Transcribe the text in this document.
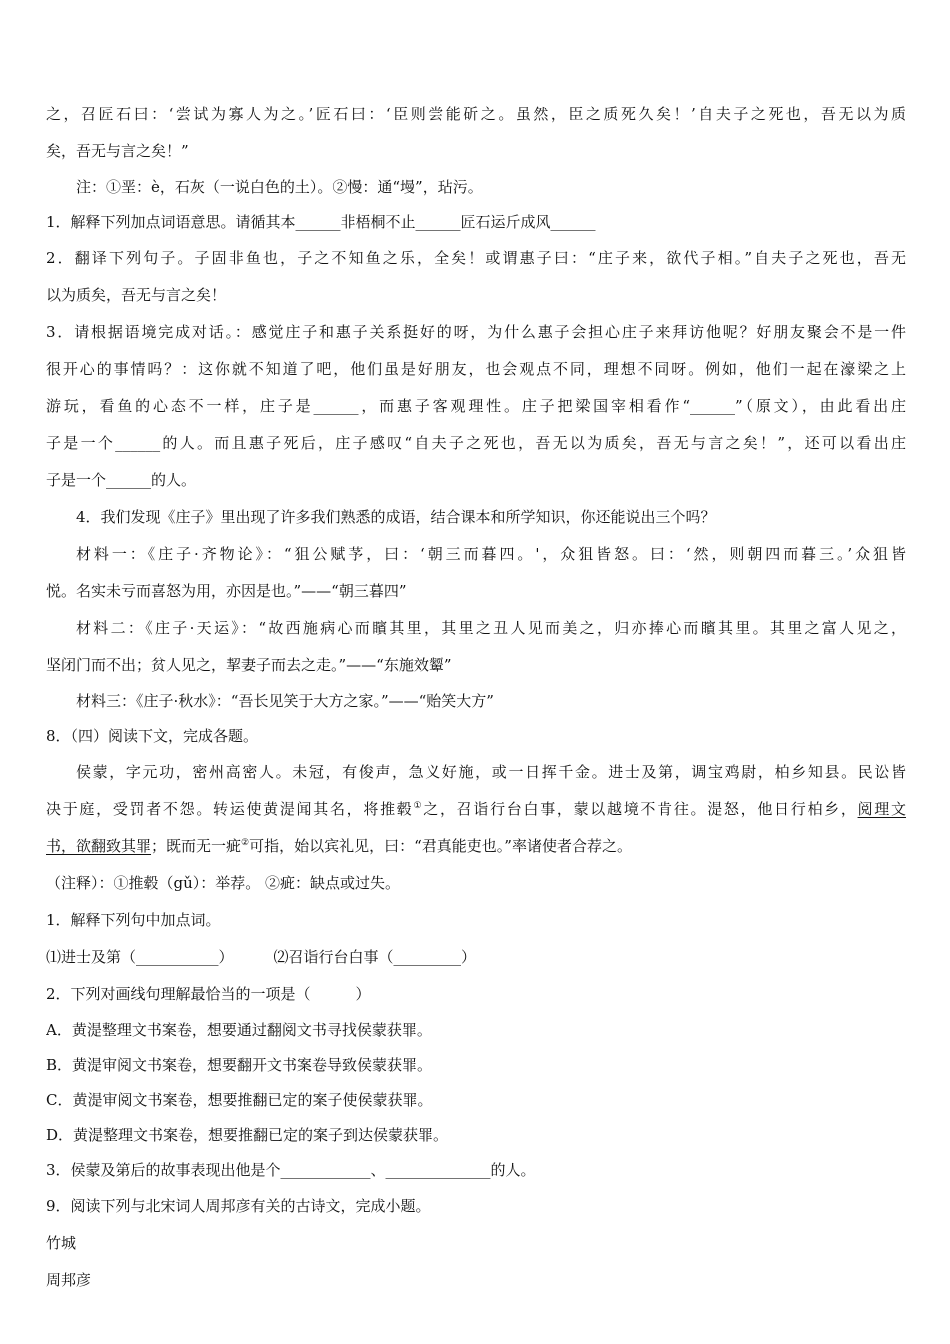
之，召匠石曰：‘尝试为寡人为之。’匠石曰：‘臣则尝能斫之。虽然，臣之质死久矣！’自夫子之死也，吾无以为质
矣，吾无与言之矣！”
注：①垩：è，石灰（一说白色的土）。②慢：通“墁”，玷污。
1．解释下列加点词语意思。请循其本______非梧桐不止______匠石运斤成风______
2．翻译下列句子。子固非鱼也，子之不知鱼之乐，全矣！或谓惠子曰：“庄子来，欲代子相。”自夫子之死也，吾无
以为质矣，吾无与言之矣！
3．请根据语境完成对话。：感觉庄子和惠子关系挺好的呀，为什么惠子会担心庄子来拜访他呢？好朋友聚会不是一件
很开心的事情吗？：这你就不知道了吧，他们虽是好朋友，也会观点不同，理想不同呀。例如，他们一起在濠梁之上
游玩，看鱼的心态不一样，庄子是______，而惠子客观理性。庄子把梁国宰相看作“______”（原文），由此看出庄
子是一个______的人。而且惠子死后，庄子感叹“自夫子之死也，吾无以为质矣，吾无与言之矣！”，还可以看出庄
子是一个______的人。
4．我们发现《庄子》里出现了许多我们熟悉的成语，结合课本和所学知识，你还能说出三个吗？
材料一：《庄子·齐物论》：“狙公赋芧，曰：‘朝三而暮四。'，众狙皆怒。曰：‘然，则朝四而暮三。’众狙皆
悦。名实未亏而喜怒为用，亦因是也。”——“朝三暮四”
材料二：《庄子·天运》：“故西施病心而矉其里，其里之丑人见而美之，归亦捧心而矉其里。其里之富人见之，
坚闭门而不出；贫人见之，挈妻子而去之走。”——“东施效颦”
材料三：《庄子·秋水》：“吾长见笑于大方之家。”——“贻笑大方”
8．（四）阅读下文，完成各题。
侯蒙，字元功，密州高密人。未冠，有俊声，急义好施，或一日挥千金。进士及第，调宝鸡尉，柏乡知县。民讼皆
决于庭，受罚者不怨。转运使黄湜闻其名，将推毂①之，召诣行台白事，蒙以越境不肯往。湜怒，他日行柏乡，阅理文
书，欲翻致其罪；既而无一疵②可指，始以宾礼见，曰：“君真能吏也。”率诸使者合荐之。
（注释）：①推毂（gǔ）：举荐。 ②疵：缺点或过失。
1．解释下列句中加点词。
⑴进士及第（___________）	⑵召诣行台白事（_________）
2．下列对画线句理解最恰当的一项是（　　　）
A．黄湜整理文书案卷，想要通过翻阅文书寻找侯蒙获罪。
B．黄湜审阅文书案卷，想要翻开文书案卷导致侯蒙获罪。
C．黄湜审阅文书案卷，想要推翻已定的案子使侯蒙获罪。
D．黄湜整理文书案卷，想要推翻已定的案子到达侯蒙获罪。
3．侯蒙及第后的故事表现出他是个____________、______________的人。
9．阅读下列与北宋词人周邦彦有关的古诗文，完成小题。
竹城
周邦彦
